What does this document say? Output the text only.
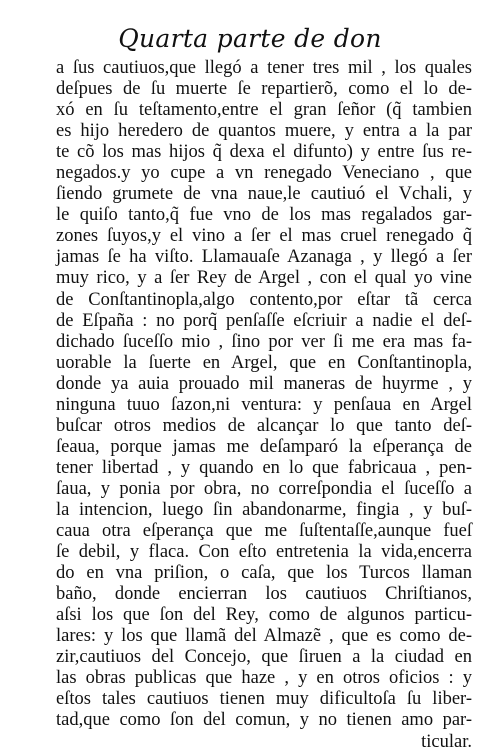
Quarta parte de don
a ſus cautiuos,que llegó a tener tres mil , los quales
deſpues de ſu muerte ſe repartierõ, como el lo de-
xó en ſu teſtamento,entre el gran ſeñor (q̃ tambien
es hijo heredero de quantos muere, y entra a la par
te cõ los mas hijos q̃ dexa el difunto) y entre ſus re-
negados.y yo cupe a vn renegado Veneciano , que
ſiendo grumete de vna naue,le cautiuó el Vchali, y
le quiſo tanto,q̃ fue vno de los mas regalados gar-
zones ſuyos,y el vino a ſer el mas cruel renegado q̃
jamas ſe ha viſto. Llamauaſe Azanaga , y llegó a ſer
muy rico, y a ſer Rey de Argel , con el qual yo vine
de Conſtantinopla,algo contento,por eſtar tã cerca
de Eſpaña : no porq̃ penſaſſe eſcriuir a nadie el deſ-
dichado ſuceſſo mio , ſino por ver ſi me era mas fa-
uorable la ſuerte en Argel, que en Conſtantinopla,
donde ya auia prouado mil maneras de huyrme , y
ninguna tuuo ſazon,ni ventura: y penſaua en Argel
buſcar otros medios de alcançar lo que tanto deſ-
ſeaua, porque jamas me deſamparó la eſperança de
tener libertad , y quando en lo que fabricaua , pen-
ſaua, y ponia por obra, no correſpondia el ſuceſſo a
la intencion, luego ſin abandonarme, fingia , y buſ-
caua otra eſperança que me ſuſtentaſſe,aunque fueſ
ſe debil, y flaca. Con eſto entretenia la vida,encerra
do en vna priſion, o caſa, que los Turcos llaman
baño, donde encierran los cautiuos Chriſtianos,
aſsi los que ſon del Rey, como de algunos particu-
lares: y los que llamã del Almazẽ , que es como de-
zir,cautiuos del Concejo, que ſiruen a la ciudad en
las obras publicas que haze , y en otros oficios : y
eſtos tales cautiuos tienen muy dificultoſa ſu liber-
tad,que como ſon del comun, y no tienen amo par-
ticular.
